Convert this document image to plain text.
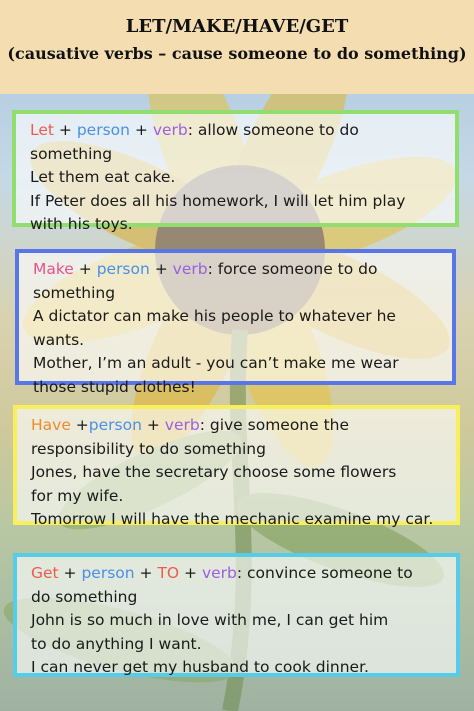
LET/MAKE/HAVE/GET
(causative verbs – cause someone to do something)
Let + person + verb: allow someone to do
something
Let them eat cake.
If Peter does all his homework, I will let him play
with his toys.
Make + person + verb: force someone to do
something
A dictator can make his people to whatever he
wants.
Mother, I’m an adult - you can’t make me wear
those stupid clothes!
Have +person + verb: give someone the
responsibility to do something
Jones, have the secretary choose some flowers
for my wife.
Tomorrow I will have the mechanic examine my car.
Get + person + TO + verb: convince someone to
do something
John is so much in love with me, I can get him
to do anything I want.
I can never get my husband to cook dinner.
